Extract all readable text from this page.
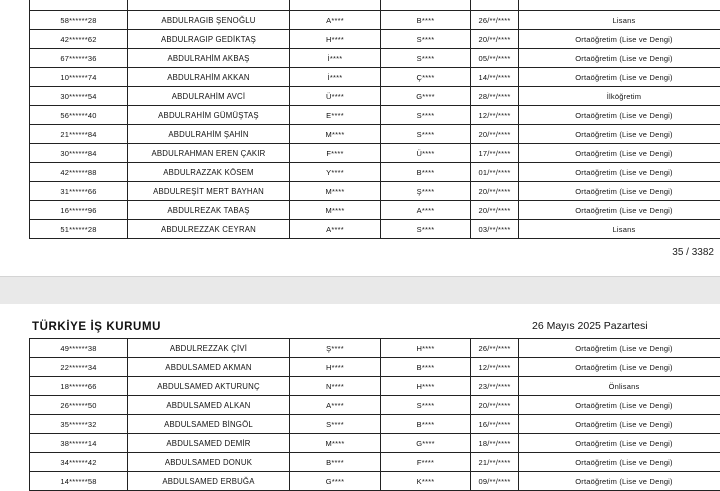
58******28	ABDULRAGIB ŞENOĞLU	A****	B****	26/**/****	Lisans
42******62	ABDULRAGIP GEDİKTAŞ	H****	S****	20/**/****	Ortaöğretim (Lise ve Dengi)
67******36	ABDULRAHİM AKBAŞ	İ****	S****	05/**/****	Ortaöğretim (Lise ve Dengi)
10******74	ABDULRAHİM AKKAN	İ****	Ç****	14/**/****	Ortaöğretim (Lise ve Dengi)
30******54	ABDULRAHİM AVCİ	Ü****	G****	28/**/****	İlköğretim
56******40	ABDULRAHİM GÜMÜŞTAŞ	E****	S****	12/**/****	Ortaöğretim (Lise ve Dengi)
21******84	ABDULRAHİM ŞAHİN	M****	S****	20/**/****	Ortaöğretim (Lise ve Dengi)
30******84	ABDULRAHMAN EREN ÇAKIR	F****	Ü****	17/**/****	Ortaöğretim (Lise ve Dengi)
42******88	ABDULRAZZAK KÖSEM	Y****	B****	01/**/****	Ortaöğretim (Lise ve Dengi)
31******66	ABDULREŞİT MERT BAYHAN	M****	Ş****	20/**/****	Ortaöğretim (Lise ve Dengi)
16******96	ABDULREZAK TABAŞ	M****	A****	20/**/****	Ortaöğretim (Lise ve Dengi)
51******28	ABDULREZZAK CEYRAN	A****	S****	03/**/****	Lisans
35 / 3382
TÜRKİYE İŞ KURUMU	26 Mayıs 2025 Pazartesi
49******38	ABDULREZZAK ÇİVİ	Ş****	H****	26/**/****	Ortaöğretim (Lise ve Dengi)
22******34	ABDULSAMED AKMAN	H****	B****	12/**/****	Ortaöğretim (Lise ve Dengi)
18******66	ABDULSAMED AKTURUNÇ	N****	H****	23/**/****	Önlisans
26******50	ABDULSAMED ALKAN	A****	S****	20/**/****	Ortaöğretim (Lise ve Dengi)
35******32	ABDULSAMED BİNGÖL	S****	B****	16/**/****	Ortaöğretim (Lise ve Dengi)
38******14	ABDULSAMED DEMİR	M****	G****	18/**/****	Ortaöğretim (Lise ve Dengi)
34******42	ABDULSAMED DONUK	B****	F****	21/**/****	Ortaöğretim (Lise ve Dengi)
14******58	ABDULSAMED ERBUĞA	G****	K****	09/**/****	Ortaöğretim (Lise ve Dengi)
